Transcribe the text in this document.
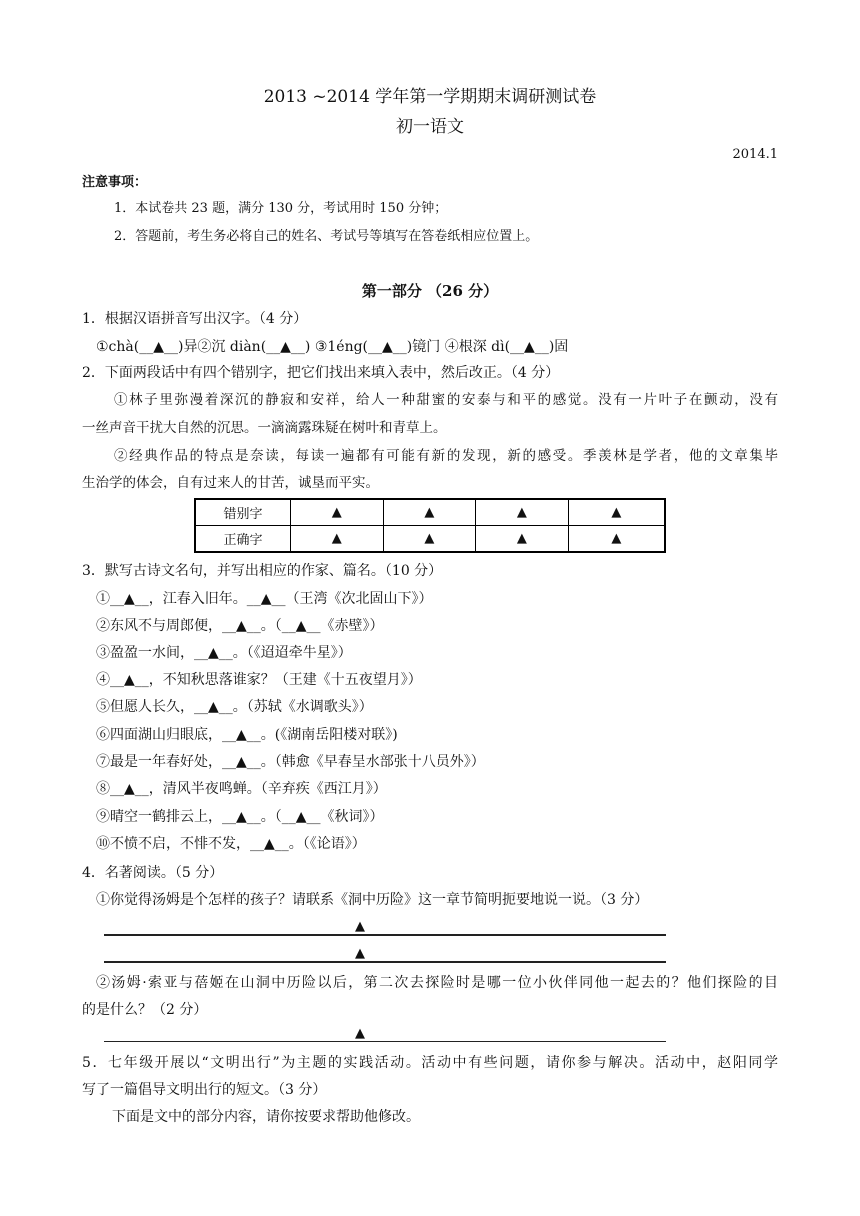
2013 ~2014 学年第一学期期末调研测试卷
初一语文
2014.1
注意事项：
1．本试卷共 23 题，满分 130 分，考试用时 150 分钟；
2．答题前，考生务必将自己的姓名、考试号等填写在答卷纸相应位置上。
第一部分 （26 分）
1．根据汉语拼音写出汉字。（4 分）
①chà(__▲__)异②沉 diàn(__▲__) ③1éng(__▲__)镜门 ④根深 dì(__▲__)固
2．下面两段话中有四个错别字，把它们找出来填入表中，然后改正。（4 分）
①林子里弥漫着深沉的静寂和安祥，给人一种甜蜜的安泰与和平的感觉。没有一片叶子在颤动，没有
一丝声音干扰大自然的沉思。一滴滴露珠疑在树叶和青草上。
②经典作品的特点是奈读，每读一遍都有可能有新的发现，新的感受。季羡林是学者，他的文章集毕
生治学的体会，自有过来人的甘苦，诚垦而平实。
错别字	▲	▲	▲	▲
正确字	▲	▲	▲	▲
3．默写古诗文名句，并写出相应的作家、篇名。（10 分）
①__▲__，江春入旧年。__▲__（王湾《次北固山下》）
②东风不与周郎便，__▲__。（__▲__《赤壁》）
③盈盈一水间，__▲__。（《迢迢牵牛星》）
④__▲__，不知秋思落谁家？（王建《十五夜望月》）
⑤但愿人长久，__▲__。（苏轼《水调歌头》）
⑥四面湖山归眼底，__▲__。(《湖南岳阳楼对联》)
⑦最是一年春好处，__▲__。（韩愈《早春呈水部张十八员外》）
⑧__▲__，清风半夜鸣蝉。（辛弃疾《西江月》）
⑨晴空一鹤排云上，__▲__。（__▲__《秋词》）
⑩不愤不启，不悱不发，__▲__。（《论语》）
4．名著阅读。（5 分）
①你觉得汤姆是个怎样的孩子？请联系《洞中历险》这一章节简明扼要地说一说。（3 分）
▲
▲
②汤姆·索亚与蓓姬在山洞中历险以后，第二次去探险时是哪一位小伙伴同他一起去的？他们探险的目
的是什么？（2 分）
▲
5．七年级开展以“文明出行”为主题的实践活动。活动中有些问题，请你参与解决。活动中，赵阳同学
写了一篇倡导文明出行的短文。（3 分）
下面是文中的部分内容，请你按要求帮助他修改。
